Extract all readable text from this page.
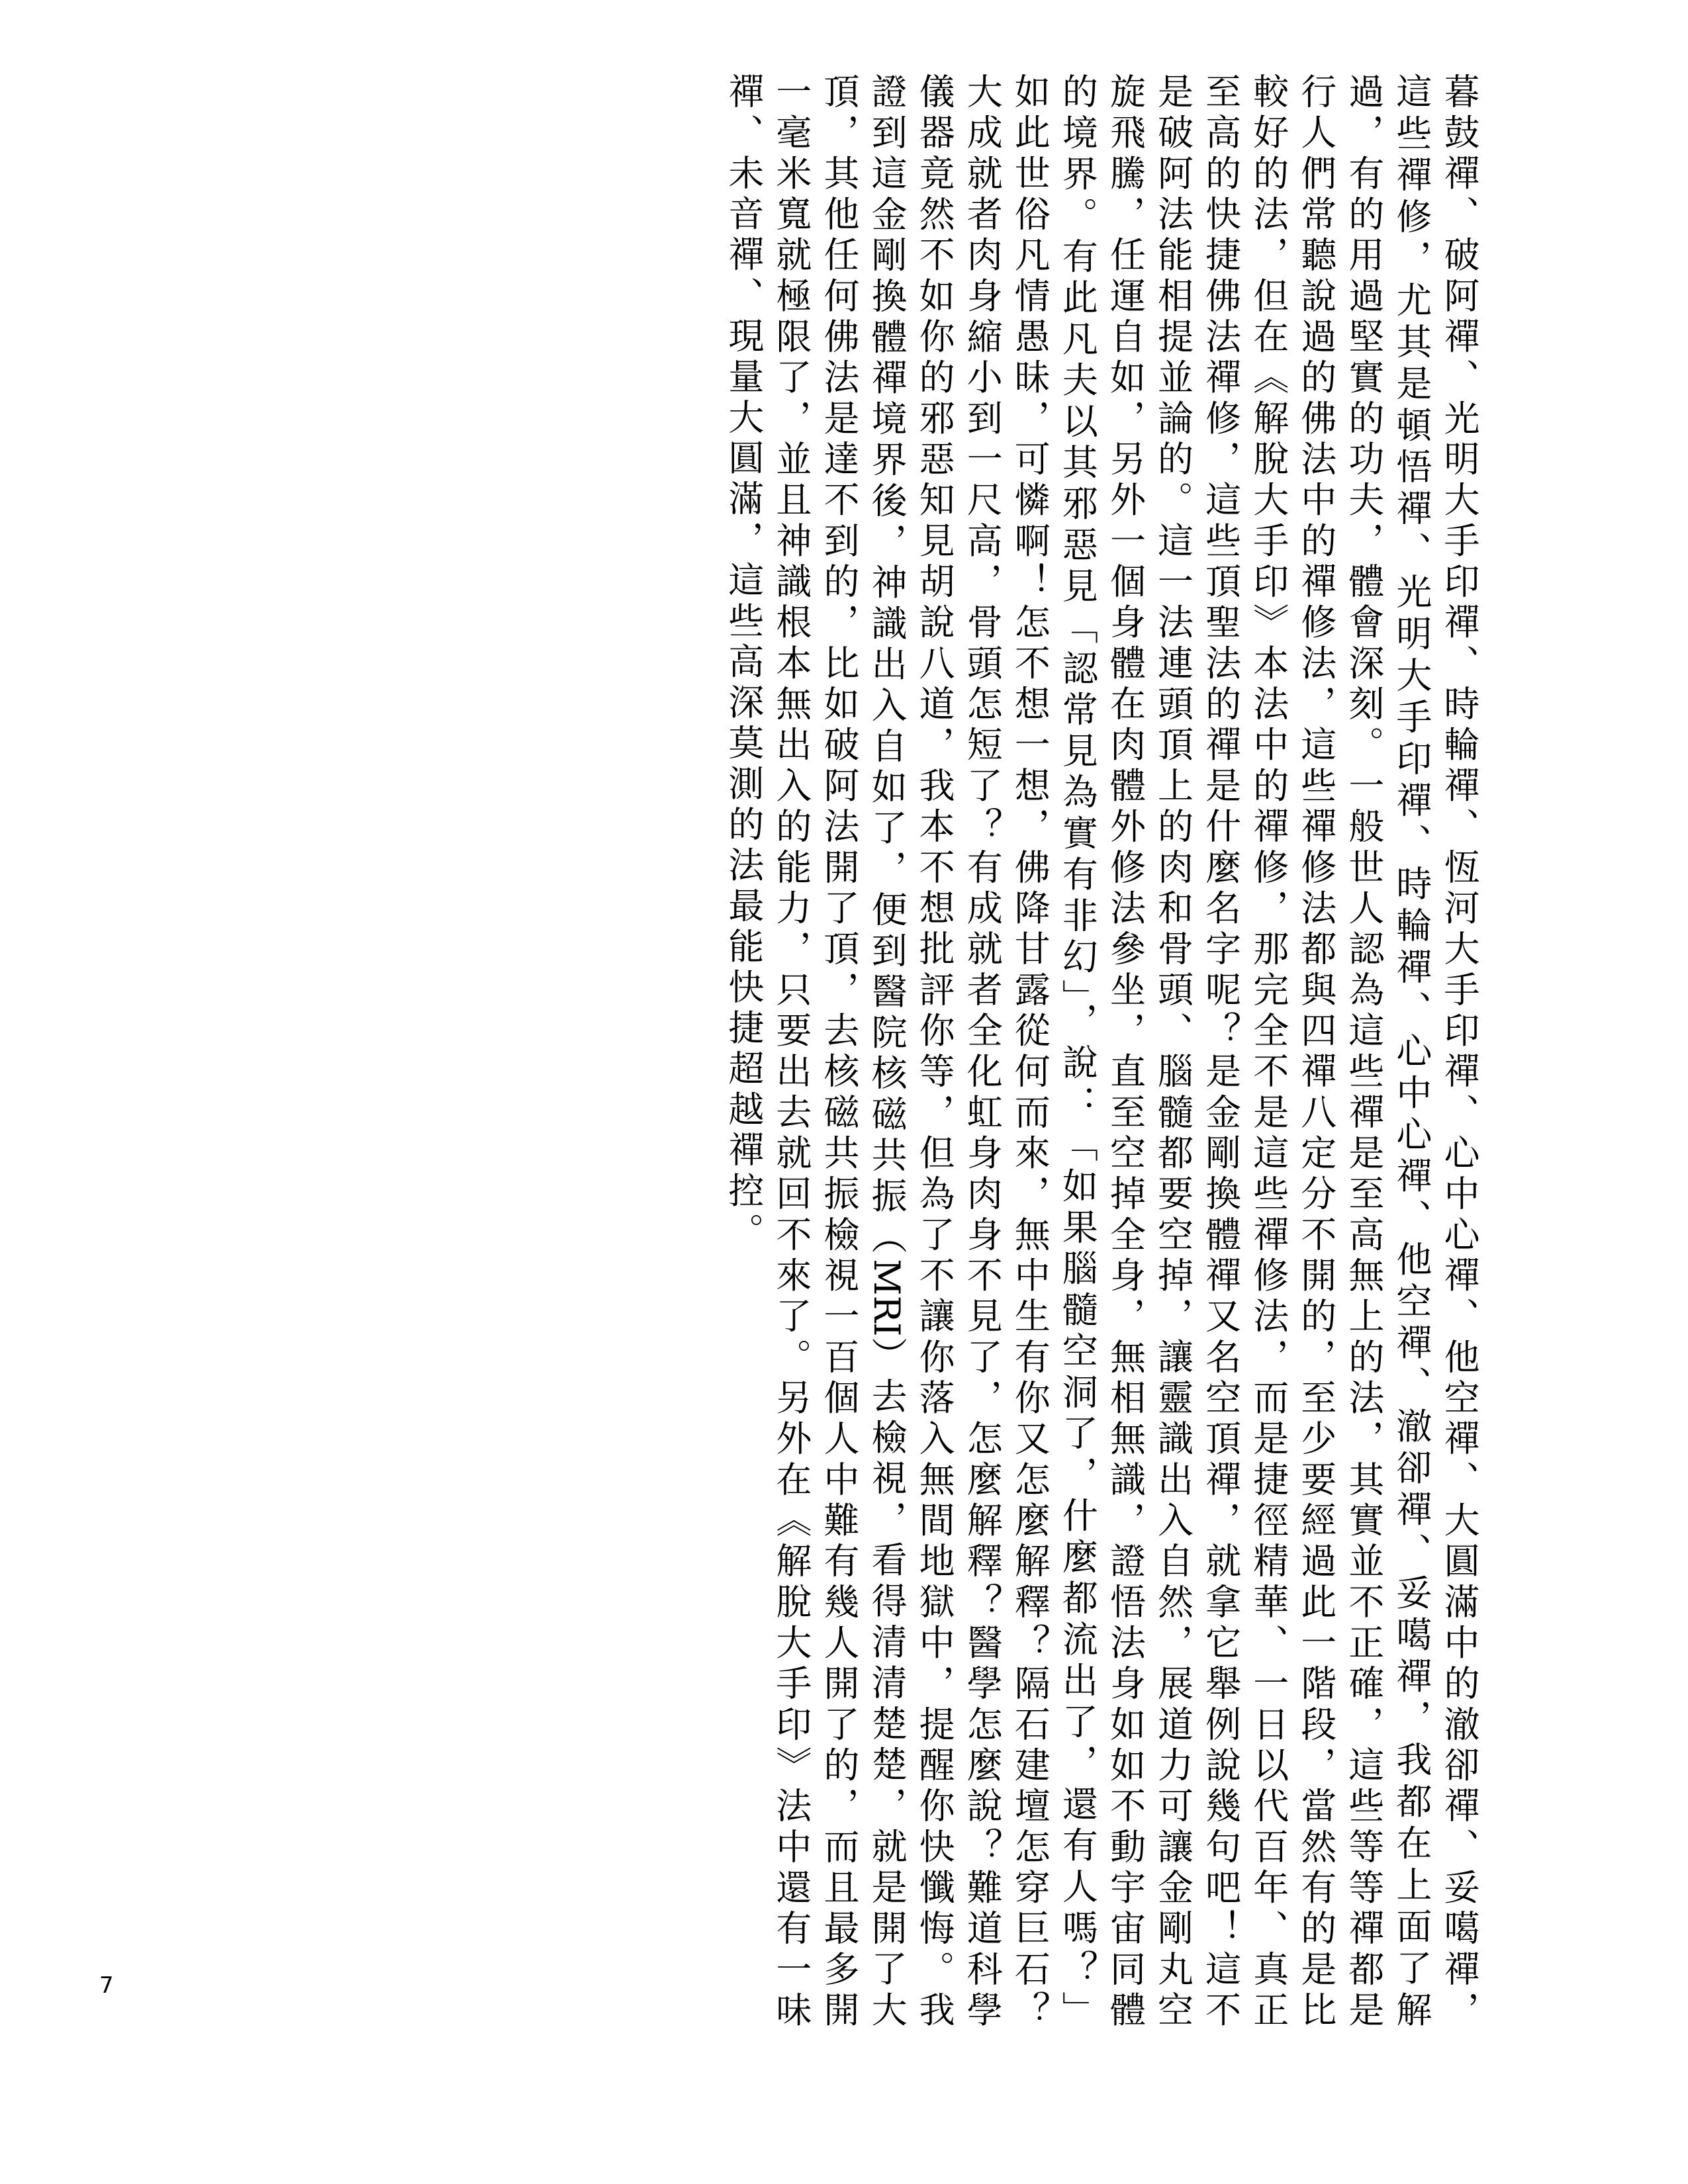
暮鼓禪、破阿禪、光明大手印禪、時輪禪、恆河大手印禪、心中心禪、他空禪、大圓滿中的澈卻禪、妥噶禪，這些禪修，尤其是頓悟禪、光明大手印禪、時輪禪、心中心禪、他空禪、澈卻禪、妥噶禪，我都在上面了解過，有的用過堅實的功夫，體會深刻。一般世人認為這些禪是至高無上的法，其實並不正確，這些等等禪都是行人們常聽說過的佛法中的禪修法，這些禪修法都與四禪八定分不開的，至少要經過此一階段，當然有的是比較好的法，但在《解脫大手印》本法中的禪修，那完全不是這些禪修法，而是捷徑精華、一日以代百年、真正至高的快捷佛法禪修，這些頂聖法的禪是什麼名字呢？是金剛換體禪又名空頂禪，就拿它舉例說幾句吧！這不是破阿法能相提並論的。這一法連頭頂上的肉和骨頭、腦髓都要空掉，讓靈識出入自然，展道力可讓金剛丸空旋飛騰，任運自如，另外一個身體在肉體外修法參坐，直至空掉全身，無相無識，證悟法身如如不動宇宙同體的境界。有此凡夫以其邪惡見「認常見為實有非幻」，說：「如果腦髓空洞了，什麼都流出了，還有人嗎？」如此世俗凡情愚昧，可憐啊！怎不想一想，佛降甘露從何而來，無中生有你又怎麼解釋？隔石建壇怎穿巨石？大成就者肉身縮小到一尺高，骨頭怎短了？有成就者全化虹身肉身不見了，怎麼解釋？醫學怎麼說？難道科學儀器竟然不如你的邪惡知見胡說八道，我本不想批評你等，但為了不讓你落入無間地獄中，提醒你快懺悔。我證到這金剛換體禪境界後，神識出入自如了，便到醫院核磁共振（MRI）去檢視，看得清清楚楚，就是開了大頂，其他任何佛法是達不到的，比如破阿法開了頂，去核磁共振檢視一百個人中難有幾人開了的，而且最多開一毫米寬就極限了，並且神識根本無出入的能力，只要出去就回不來了。另外在《解脫大手印》法中還有一味禪、未音禪、現量大圓滿，這些高深莫測的法最能快捷超越禪控。
7
